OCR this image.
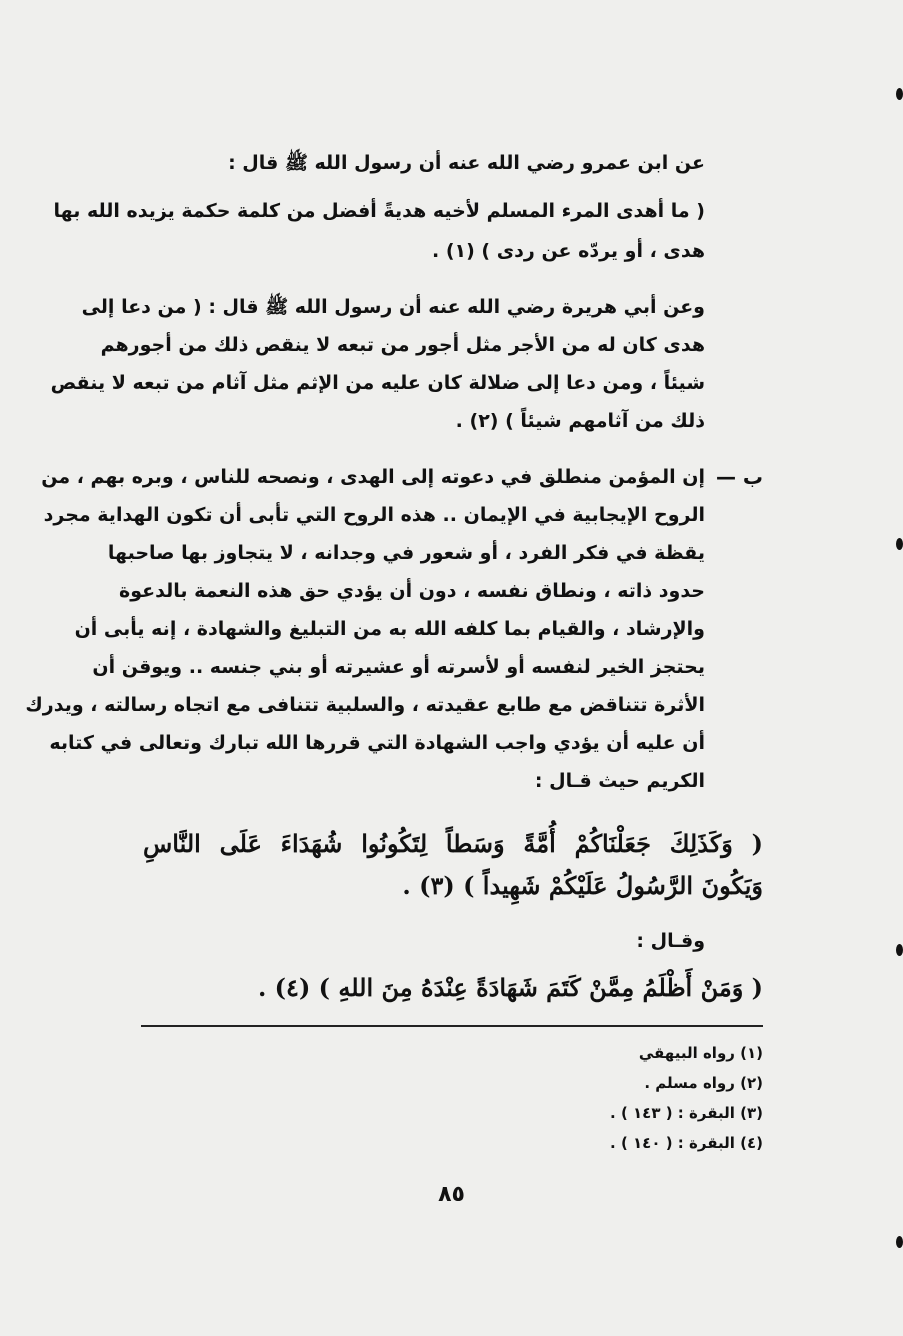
عن ابن عمرو رضي الله عنه أن رسول الله ﷺ قال :
( ما أهدى المرء المسلم لأخيه هديةً أفضل من كلمة حكمة يزيده الله بها
هدى ، أو يردّه عن ردى ) (١) .
وعن أبي هريرة رضي الله عنه أن رسول الله ﷺ قال : ( من دعا إلى
هدى كان له من الأجر مثل أجور من تبعه لا ينقص ذلك من أجورهم
شيئاً ، ومن دعا إلى ضلالة كان عليه من الإثم مثل آثام من تبعه لا ينقص
ذلك من آثامهم شيئاً ) (٢) .
ب —
إن المؤمن منطلق في دعوته إلى الهدى ، ونصحه للناس ، وبره بهم ، من
الروح الإيجابية في الإيمان .. هذه الروح التي تأبى أن تكون الهداية مجرد
يقظة في فكر الفرد ، أو شعور في وجدانه ، لا يتجاوز بها صاحبها
حدود ذاته ، ونطاق نفسه ، دون أن يؤدي حق هذه النعمة بالدعوة
والإرشاد ، والقيام بما كلفه الله به من التبليغ والشهادة ، إنه يأبى أن
يحتجز الخير لنفسه أو لأسرته أو عشيرته أو بني جنسه .. ويوقن أن
الأثرة تتناقض مع طابع عقيدته ، والسلبية تتنافى مع اتجاه رسالته ، ويدرك
أن عليه أن يؤدي واجب الشهادة التي قررها الله تبارك وتعالى في كتابه
الكريم حيث قـال :
( وَكَذَلِكَ جَعَلْنَاكُمْ أُمَّةً وَسَطاً لِتَكُونُوا شُهَدَاءَ عَلَى النَّاسِ
وَيَكُونَ الرَّسُولُ عَلَيْكُمْ شَهِيداً ) (٣) .
وقـال :
( وَمَنْ أَظْلَمُ مِمَّنْ كَتَمَ شَهَادَةً عِنْدَهُ مِنَ اللهِ ) (٤) .
(١) رواه البيهقي
(٢) رواه مسلم .
(٣) البقرة : ( ١٤٣ ) .
(٤) البقرة : ( ١٤٠ ) .
٨٥
